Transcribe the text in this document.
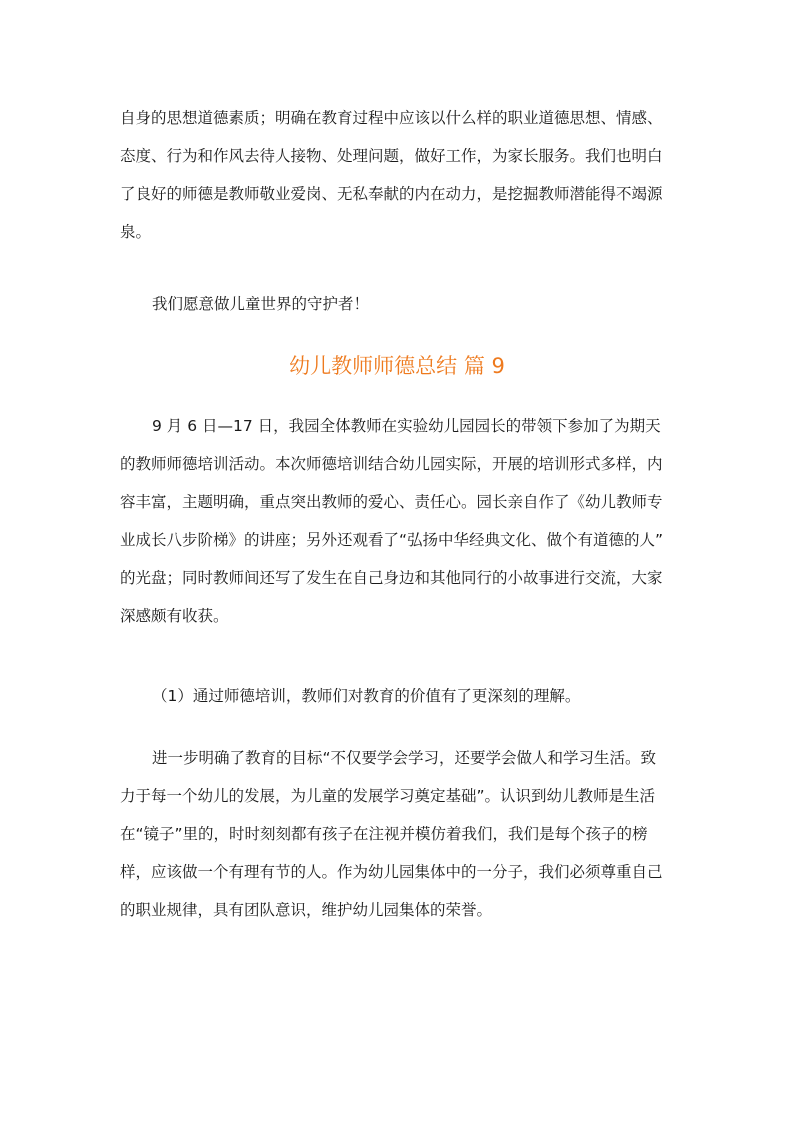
自身的思想道德素质；明确在教育过程中应该以什么样的职业道德思想、情感、
态度、行为和作风去待人接物、处理问题，做好工作，为家长服务。我们也明白
了良好的师德是教师敬业爱岗、无私奉献的内在动力，是挖掘教师潜能得不竭源
泉。

我们愿意做儿童世界的守护者！

幼儿教师师德总结 篇 9

9 月 6 日—17 日，我园全体教师在实验幼儿园园长的带领下参加了为期天
的教师师德培训活动。本次师德培训结合幼儿园实际，开展的培训形式多样，内
容丰富，主题明确，重点突出教师的爱心、责任心。园长亲自作了《幼儿教师专
业成长八步阶梯》的讲座；另外还观看了“弘扬中华经典文化、做个有道德的人”
的光盘；同时教师间还写了发生在自己身边和其他同行的小故事进行交流，大家
深感颇有收获。

（1）通过师德培训，教师们对教育的价值有了更深刻的理解。

进一步明确了教育的目标“不仅要学会学习，还要学会做人和学习生活。致
力于每一个幼儿的发展，为儿童的发展学习奠定基础”。认识到幼儿教师是生活
在“镜子”里的，时时刻刻都有孩子在注视并模仿着我们，我们是每个孩子的榜
样，应该做一个有理有节的人。作为幼儿园集体中的一分子，我们必须尊重自己
的职业规律，具有团队意识，维护幼儿园集体的荣誉。
